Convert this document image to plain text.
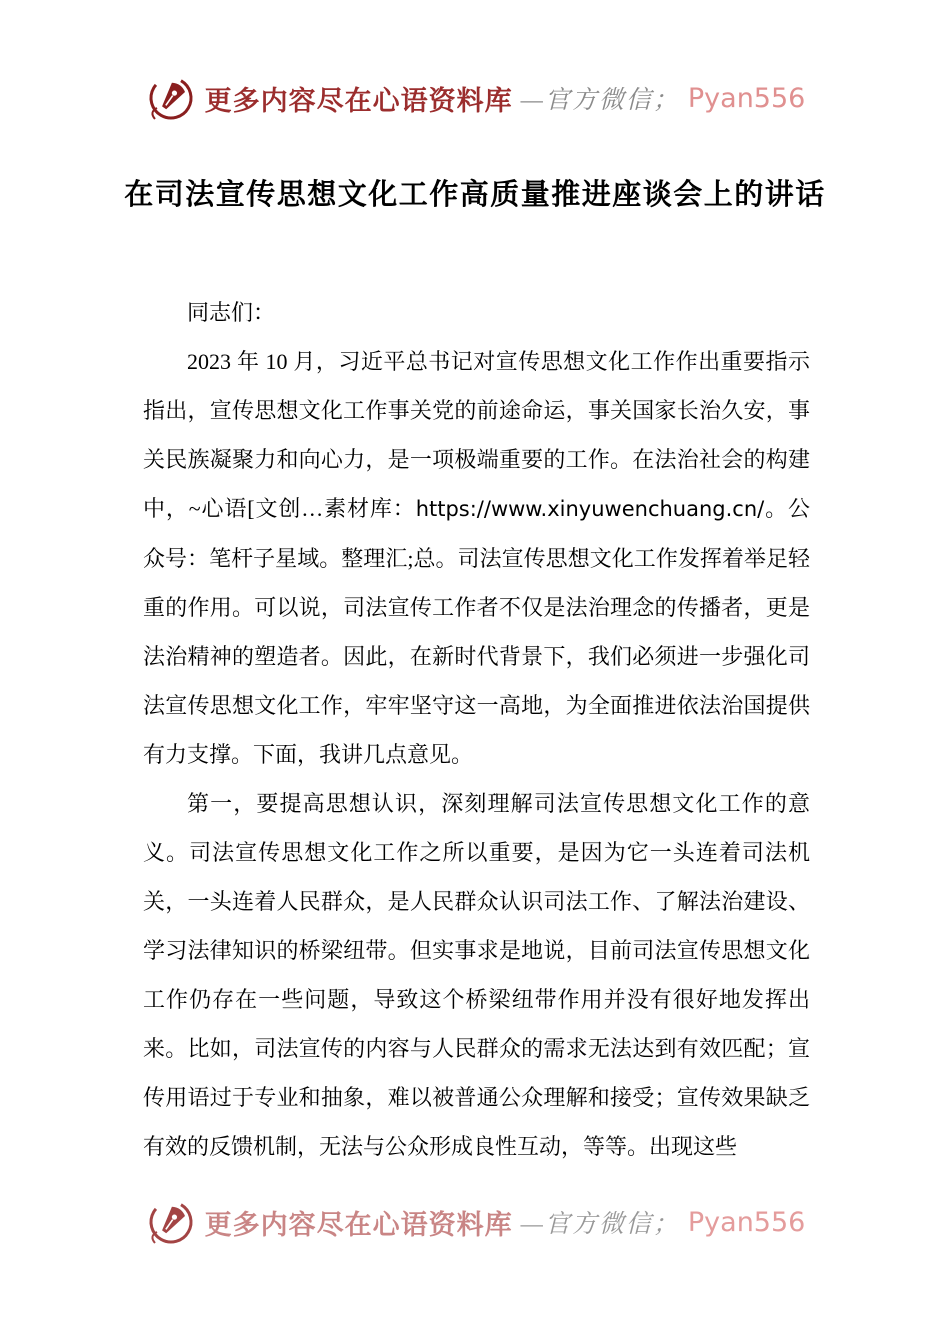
更多内容尽在心语资料库 —官方微信； Pyan556
在司法宣传思想文化工作高质量推进座谈会上的讲话

同志们：

2023 年 10 月，习近平总书记对宣传思想文化工作作出重要指示指出，宣传思想文化工作事关党的前途命运，事关国家长治久安，事关民族凝聚力和向心力，是一项极端重要的工作。在法治社会的构建中，~心语[文创…素材库：https://www.xinyuwenchuang.cn/。公众号：笔杆子星域。整理汇;总。司法宣传思想文化工作发挥着举足轻重的作用。可以说，司法宣传工作者不仅是法治理念的传播者，更是法治精神的塑造者。因此，在新时代背景下，我们必须进一步强化司法宣传思想文化工作，牢牢坚守这一高地，为全面推进依法治国提供有力支撑。下面，我讲几点意见。

第一，要提高思想认识，深刻理解司法宣传思想文化工作的意义。司法宣传思想文化工作之所以重要，是因为它一头连着司法机关，一头连着人民群众，是人民群众认识司法工作、了解法治建设、学习法律知识的桥梁纽带。但实事求是地说，目前司法宣传思想文化工作仍存在一些问题，导致这个桥梁纽带作用并没有很好地发挥出来。比如，司法宣传的内容与人民群众的需求无法达到有效匹配；宣传用语过于专业和抽象，难以被普通公众理解和接受；宣传效果缺乏有效的反馈机制，无法与公众形成良性互动，等等。出现这些

更多内容尽在心语资料库 —官方微信； Pyan556
